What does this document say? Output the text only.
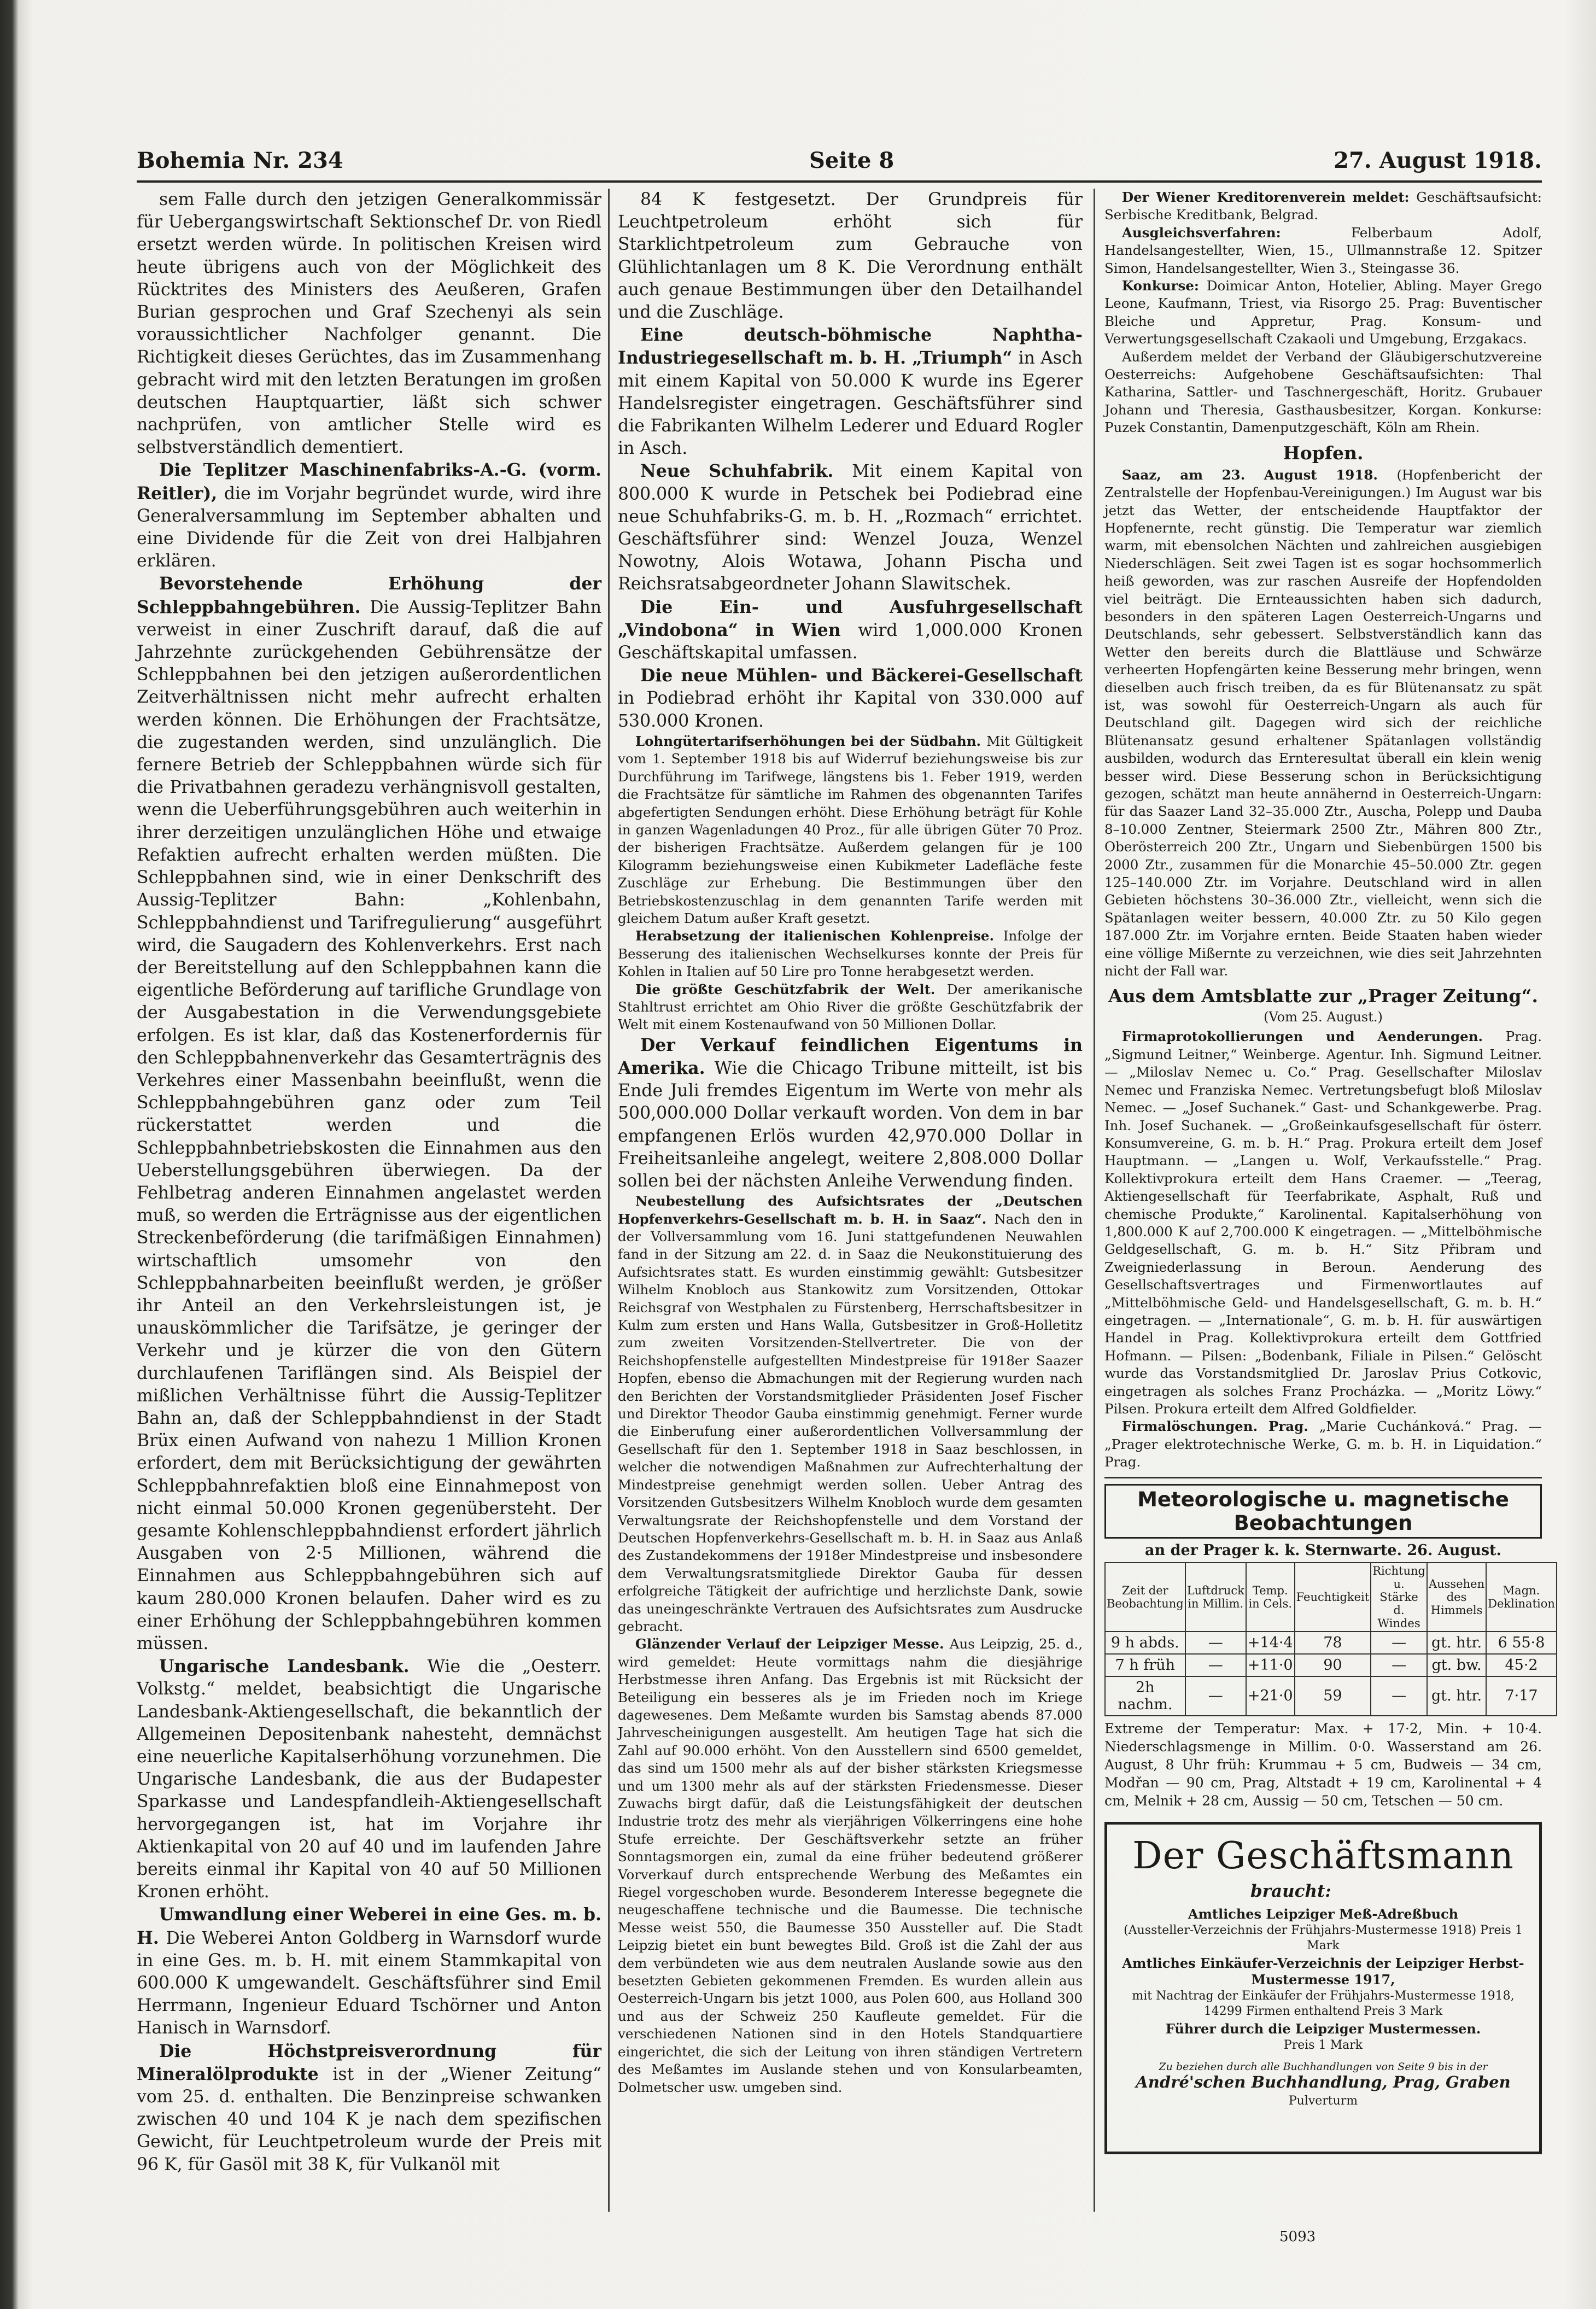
Bohemia Nr. 234	Seite 8	27. August 1918.

sem Falle durch den jetzigen Generalkommissär für Uebergangswirtschaft Sektionschef Dr. von Riedl ersetzt werden würde. In politischen Kreisen wird heute übrigens auch von der Möglichkeit des Rücktrites des Ministers des Aeußeren, Grafen Burian gesprochen und Graf Szechenyi als sein voraussichtlicher Nachfolger genannt. Die Richtigkeit dieses Gerüchtes, das im Zusammenhang gebracht wird mit den letzten Beratungen im großen deutschen Hauptquartier, läßt sich schwer nachprüfen, von amtlicher Stelle wird es selbstverständlich dementiert.

Die Teplitzer Maschinenfabriks-A.-G. (vorm. Reitler), die im Vorjahr begründet wurde, wird ihre Generalversammlung im September abhalten und eine Dividende für die Zeit von drei Halbjahren erklären.

Bevorstehende Erhöhung der Schleppbahngebühren. Die Aussig-Teplitzer Bahn verweist in einer Zuschrift darauf, daß die auf Jahrzehnte zurückgehenden Gebührensätze der Schleppbahnen bei den jetzigen außerordentlichen Zeitverhältnissen nicht mehr aufrecht erhalten werden können. Die Erhöhungen der Frachtsätze, die zugestanden werden, sind unzulänglich. Die fernere Betrieb der Schleppbahnen würde sich für die Privatbahnen geradezu verhängnisvoll gestalten, wenn die Ueberführungsgebühren auch weiterhin in ihrer derzeitigen unzulänglichen Höhe und etwaige Refaktien aufrecht erhalten werden müßten. Die Schleppbahnen sind, wie in einer Denkschrift des Aussig-Teplitzer Bahn: „Kohlenbahn, Schleppbahndienst und Tarifregulierung“ ausgeführt wird, die Saugadern des Kohlenverkehrs. Erst nach der Bereitstellung auf den Schleppbahnen kann die eigentliche Beförderung auf tarifliche Grundlage von der Ausgabestation in die Verwendungsgebiete erfolgen. Es ist klar, daß das Kostenerfordernis für den Schleppbahnenverkehr das Gesamterträgnis des Verkehres einer Massenbahn beeinflußt, wenn die Schleppbahngebühren ganz oder zum Teil rückerstattet werden und die Schleppbahnbetriebskosten die Einnahmen aus den Ueberstellungsgebühren überwiegen. Da der Fehlbetrag anderen Einnahmen angelastet werden muß, so werden die Erträgnisse aus der eigentlichen Streckenbeförderung (die tarifmäßigen Einnahmen) wirtschaftlich umsomehr von den Schleppbahnarbeiten beeinflußt werden, je größer ihr Anteil an den Verkehrsleistungen ist, je unauskömmlicher die Tarifsätze, je geringer der Verkehr und je kürzer die von den Gütern durchlaufenen Tariflängen sind. Als Beispiel der mißlichen Verhältnisse führt die Aussig-Teplitzer Bahn an, daß der Schleppbahndienst in der Stadt Brüx einen Aufwand von nahezu 1 Million Kronen erfordert, dem mit Berücksichtigung der gewährten Schleppbahnrefaktien bloß eine Einnahmepost von nicht einmal 50.000 Kronen gegenübersteht. Der gesamte Kohlenschleppbahndienst erfordert jährlich Ausgaben von 2·5 Millionen, während die Einnahmen aus Schleppbahngebühren sich auf kaum 280.000 Kronen belaufen. Daher wird es zu einer Erhöhung der Schleppbahngebühren kommen müssen.

Ungarische Landesbank. Wie die „Oesterr. Volkstg.“ meldet, beabsichtigt die Ungarische Landesbank-Aktiengesellschaft, die bekanntlich der Allgemeinen Depositenbank nahesteht, demnächst eine neuerliche Kapitalserhöhung vorzunehmen. Die Ungarische Landesbank, die aus der Budapester Sparkasse und Landespfandleih-Aktiengesellschaft hervorgegangen ist, hat im Vorjahre ihr Aktienkapital von 20 auf 40 und im laufenden Jahre bereits einmal ihr Kapital von 40 auf 50 Millionen Kronen erhöht.

Umwandlung einer Weberei in eine Ges. m. b. H. Die Weberei Anton Goldberg in Warnsdorf wurde in eine Ges. m. b. H. mit einem Stammkapital von 600.000 K umgewandelt. Geschäftsführer sind Emil Herrmann, Ingenieur Eduard Tschörner und Anton Hanisch in Warnsdorf.

Die Höchstpreisverordnung für Mineralölprodukte ist in der „Wiener Zeitung“ vom 25. d. enthalten. Die Benzinpreise schwanken zwischen 40 und 104 K je nach dem spezifischen Gewicht, für Leuchtpetroleum wurde der Preis mit 96 K, für Gasöl mit 38 K, für Vulkanöl mit

84 K festgesetzt. Der Grundpreis für Leuchtpetroleum erhöht sich für Starklichtpetroleum zum Gebrauche von Glühlichtanlagen um 8 K. Die Verordnung enthält auch genaue Bestimmungen über den Detailhandel und die Zuschläge.

Eine deutsch-böhmische Naphtha-Industriegesellschaft m. b. H. „Triumph“ in Asch mit einem Kapital von 50.000 K wurde ins Egerer Handelsregister eingetragen. Geschäftsführer sind die Fabrikanten Wilhelm Lederer und Eduard Rogler in Asch.

Neue Schuhfabrik. Mit einem Kapital von 800.000 K wurde in Petschek bei Podiebrad eine neue Schuhfabriks-G. m. b. H. „Rozmach“ errichtet. Geschäftsführer sind: Wenzel Jouza, Wenzel Nowotny, Alois Wotawa, Johann Pischa und Reichsratsabgeordneter Johann Slawitschek.

Die Ein- und Ausfuhrgesellschaft „Vindobona“ in Wien wird 1,000.000 Kronen Geschäftskapital umfassen.

Die neue Mühlen- und Bäckerei-Gesellschaft in Podiebrad erhöht ihr Kapital von 330.000 auf 530.000 Kronen.

Lohngütertarifserhöhungen bei der Südbahn. Mit Gültigkeit vom 1. September 1918 bis auf Widerruf beziehungsweise bis zur Durchführung im Tarifwege, längstens bis 1. Feber 1919, werden die Frachtsätze für sämtliche im Rahmen des obgenannten Tarifes abgefertigten Sendungen erhöht. Diese Erhöhung beträgt für Kohle in ganzen Wagenladungen 40 Proz., für alle übrigen Güter 70 Proz. der bisherigen Frachtsätze. Außerdem gelangen für je 100 Kilogramm beziehungsweise einen Kubikmeter Ladefläche feste Zuschläge zur Erhebung. Die Bestimmungen über den Betriebskostenzuschlag in dem genannten Tarife werden mit gleichem Datum außer Kraft gesetzt.

Herabsetzung der italienischen Kohlenpreise. Infolge der Besserung des italienischen Wechselkurses konnte der Preis für Kohlen in Italien auf 50 Lire pro Tonne herabgesetzt werden.

Die größte Geschützfabrik der Welt. Der amerikanische Stahltrust errichtet am Ohio River die größte Geschützfabrik der Welt mit einem Kostenaufwand von 50 Millionen Dollar.

Der Verkauf feindlichen Eigentums in Amerika. Wie die Chicago Tribune mitteilt, ist bis Ende Juli fremdes Eigentum im Werte von mehr als 500,000.000 Dollar verkauft worden. Von dem in bar empfangenen Erlös wurden 42,970.000 Dollar in Freiheitsanleihe angelegt, weitere 2,808.000 Dollar sollen bei der nächsten Anleihe Verwendung finden.

Neubestellung des Aufsichtsrates der „Deutschen Hopfenverkehrs-Gesellschaft m. b. H. in Saaz“. Nach den in der Vollversammlung vom 16. Juni stattgefundenen Neuwahlen fand in der Sitzung am 22. d. in Saaz die Neukonstituierung des Aufsichtsrates statt. Es wurden einstimmig gewählt: Gutsbesitzer Wilhelm Knobloch aus Stankowitz zum Vorsitzenden, Ottokar Reichsgraf von Westphalen zu Fürstenberg, Herrschaftsbesitzer in Kulm zum ersten und Hans Walla, Gutsbesitzer in Groß-Holletitz zum zweiten Vorsitzenden-Stellvertreter. Die von der Reichshopfenstelle aufgestellten Mindestpreise für 1918er Saazer Hopfen, ebenso die Abmachungen mit der Regierung wurden nach den Berichten der Vorstandsmitglieder Präsidenten Josef Fischer und Direktor Theodor Gauba einstimmig genehmigt. Ferner wurde die Einberufung einer außerordentlichen Vollversammlung der Gesellschaft für den 1. September 1918 in Saaz beschlossen, in welcher die notwendigen Maßnahmen zur Aufrechterhaltung der Mindestpreise genehmigt werden sollen. Ueber Antrag des Vorsitzenden Gutsbesitzers Wilhelm Knobloch wurde dem gesamten Verwaltungsrate der Reichshopfenstelle und dem Vorstand der Deutschen Hopfenverkehrs-Gesellschaft m. b. H. in Saaz aus Anlaß des Zustandekommens der 1918er Mindestpreise und insbesondere dem Verwaltungsratsmitgliede Direktor Gauba für dessen erfolgreiche Tätigkeit der aufrichtige und herzlichste Dank, sowie das uneingeschränkte Vertrauen des Aufsichtsrates zum Ausdrucke gebracht.

Glänzender Verlauf der Leipziger Messe. Aus Leipzig, 25. d., wird gemeldet: Heute vormittags nahm die diesjährige Herbstmesse ihren Anfang. Das Ergebnis ist mit Rücksicht der Beteiligung ein besseres als je im Frieden noch im Kriege dagewesenes. Dem Meßamte wurden bis Samstag abends 87.000 Jahrvescheinigungen ausgestellt. Am heutigen Tage hat sich die Zahl auf 90.000 erhöht. Von den Ausstellern sind 6500 gemeldet, das sind um 1500 mehr als auf der bisher stärksten Kriegsmesse und um 1300 mehr als auf der stärksten Friedensmesse. Dieser Zuwachs birgt dafür, daß die Leistungsfähigkeit der deutschen Industrie trotz des mehr als vierjährigen Völkerringens eine hohe Stufe erreichte. Der Geschäftsverkehr setzte an früher Sonntagsmorgen ein, zumal da eine früher bedeutend größerer Vorverkauf durch entsprechende Werbung des Meßamtes ein Riegel vorgeschoben wurde. Besonderem Interesse begegnete die neugeschaffene technische und die Baumesse. Die technische Messe weist 550, die Baumesse 350 Aussteller auf. Die Stadt Leipzig bietet ein bunt bewegtes Bild. Groß ist die Zahl der aus dem verbündeten wie aus dem neutralen Auslande sowie aus den besetzten Gebieten gekommenen Fremden. Es wurden allein aus Oesterreich-Ungarn bis jetzt 1000, aus Polen 600, aus Holland 300 und aus der Schweiz 250 Kaufleute gemeldet. Für die verschiedenen Nationen sind in den Hotels Standquartiere eingerichtet, die sich der Leitung von ihren ständigen Vertretern des Meßamtes im Auslande stehen und von Konsularbeamten, Dolmetscher usw. umgeben sind.

Der Wiener Kreditorenverein meldet: Geschäftsaufsicht: Serbische Kreditbank, Belgrad.

Ausgleichsverfahren: Felberbaum Adolf, Handelsangestellter, Wien, 15., Ullmannstraße 12. Spitzer Simon, Handelsangestellter, Wien 3., Steingasse 36.

Konkurse: Doimicar Anton, Hotelier, Abling. Mayer Grego Leone, Kaufmann, Triest, via Risorgo 25. Prag: Buventischer Bleiche und Appretur, Prag. Konsum- und Verwertungsgesellschaft Czakaoli und Umgebung, Erzgakacs.

Außerdem meldet der Verband der Gläubigerschutzvereine Oesterreichs: Aufgehobene Geschäftsaufsichten: Thal Katharina, Sattler- und Taschnergeschäft, Horitz. Grubauer Johann und Theresia, Gasthausbesitzer, Korgan. Konkurse: Puzek Constantin, Damenputzgeschäft, Köln am Rhein.

Hopfen.

Saaz, am 23. August 1918. (Hopfenbericht der Zentralstelle der Hopfenbau-Vereinigungen.) Im August war bis jetzt das Wetter, der entscheidende Hauptfaktor der Hopfenernte, recht günstig. Die Temperatur war ziemlich warm, mit ebensolchen Nächten und zahlreichen ausgiebigen Niederschlägen. Seit zwei Tagen ist es sogar hochsommerlich heiß geworden, was zur raschen Ausreife der Hopfendolden viel beiträgt. Die Ernteaussichten haben sich dadurch, besonders in den späteren Lagen Oesterreich-Ungarns und Deutschlands, sehr gebessert. Selbstverständlich kann das Wetter den bereits durch die Blattläuse und Schwärze verheerten Hopfengärten keine Besserung mehr bringen, wenn dieselben auch frisch treiben, da es für Blütenansatz zu spät ist, was sowohl für Oesterreich-Ungarn als auch für Deutschland gilt. Dagegen wird sich der reichliche Blütenansatz gesund erhaltener Spätanlagen vollständig ausbilden, wodurch das Ernteresultat überall ein klein wenig besser wird. Diese Besserung schon in Berücksichtigung gezogen, schätzt man heute annähernd in Oesterreich-Ungarn: für das Saazer Land 32–35.000 Ztr., Auscha, Polepp und Dauba 8–10.000 Zentner, Steiermark 2500 Ztr., Mähren 800 Ztr., Oberösterreich 200 Ztr., Ungarn und Siebenbürgen 1500 bis 2000 Ztr., zusammen für die Monarchie 45–50.000 Ztr. gegen 125–140.000 Ztr. im Vorjahre. Deutschland wird in allen Gebieten höchstens 30–36.000 Ztr., vielleicht, wenn sich die Spätanlagen weiter bessern, 40.000 Ztr. zu 50 Kilo gegen 187.000 Ztr. im Vorjahre ernten. Beide Staaten haben wieder eine völlige Mißernte zu verzeichnen, wie dies seit Jahrzehnten nicht der Fall war.

Aus dem Amtsblatte zur „Prager Zeitung“.
(Vom 25. August.)

Firmaprotokollierungen und Aenderungen. Prag. „Sigmund Leitner,“ Weinberge. Agentur. Inh. Sigmund Leitner. — „Miloslav Nemec u. Co.“ Prag. Gesellschafter Miloslav Nemec und Franziska Nemec. Vertretungsbefugt bloß Miloslav Nemec. — „Josef Suchanek.“ Gast- und Schankgewerbe. Prag. Inh. Josef Suchanek. — „Großeinkaufsgesellschaft für österr. Konsumvereine, G. m. b. H.“ Prag. Prokura erteilt dem Josef Hauptmann. — „Langen u. Wolf, Verkaufsstelle.“ Prag. Kollektivprokura erteilt dem Hans Craemer. — „Teerag, Aktiengesellschaft für Teerfabrikate, Asphalt, Ruß und chemische Produkte,“ Karolinental. Kapitalserhöhung von 1,800.000 K auf 2,700.000 K eingetragen. — „Mittelböhmische Geldgesellschaft, G. m. b. H.“ Sitz Přibram und Zweigniederlassung in Beroun. Aenderung des Gesellschaftsvertrages und Firmenwortlautes auf „Mittelböhmische Geld- und Handelsgesellschaft, G. m. b. H.“ eingetragen. — „Internationale“, G. m. b. H. für auswärtigen Handel in Prag. Kollektivprokura erteilt dem Gottfried Hofmann. — Pilsen: „Bodenbank, Filiale in Pilsen.“ Gelöscht wurde das Vorstandsmitglied Dr. Jaroslav Prius Cotkovic, eingetragen als solches Franz Procházka. — „Moritz Löwy.“ Pilsen. Prokura erteilt dem Alfred Goldfielder.

Firmalöschungen. Prag. „Marie Cuchánková.“ Prag. — „Prager elektrotechnische Werke, G. m. b. H. in Liquidation.“ Prag.

Meteorologische u. magnetische Beobachtungen
an der Prager k. k. Sternwarte. 26. August.
Zeit der Beobachtung	Luftdruck in Millim.	Temp. in Cels.	Feuchtigkeit	Richtung u. Stärke d. Windes	Aussehen des Himmels	Magn. Deklination
9 h abds.	—	+14·4	78	—	gt. htr.	6 55·8
7 h früh	—	+11·0	90	—	gt. bw.	45·2
2h nachm.	—	+21·0	59	—	gt. htr.	7·17

Extreme der Temperatur: Max. + 17·2, Min. + 10·4. Niederschlagsmenge in Millim. 0·0. Wasserstand am 26. August, 8 Uhr früh: Krummau + 5 cm, Budweis — 34 cm, Modřan — 90 cm, Prag, Altstadt + 19 cm, Karolinental + 4 cm, Melnik + 28 cm, Aussig — 50 cm, Tetschen — 50 cm.

Der Geschäftsmann
braucht:
Amtliches Leipziger Meß-Adreßbuch
(Aussteller-Verzeichnis der Frühjahrs-Mustermesse 1918) Preis 1 Mark
Amtliches Einkäufer-Verzeichnis der Leipziger Herbst-Mustermesse 1917,
mit Nachtrag der Einkäufer der Frühjahrs-Mustermesse 1918, 14299 Firmen enthaltend Preis 3 Mark
Führer durch die Leipziger Mustermessen.
Preis 1 Mark
Zu beziehen durch alle Buchhandlungen von Seite 9 bis in der
André'schen Buchhandlung, Prag, Graben
Pulverturm
5093
